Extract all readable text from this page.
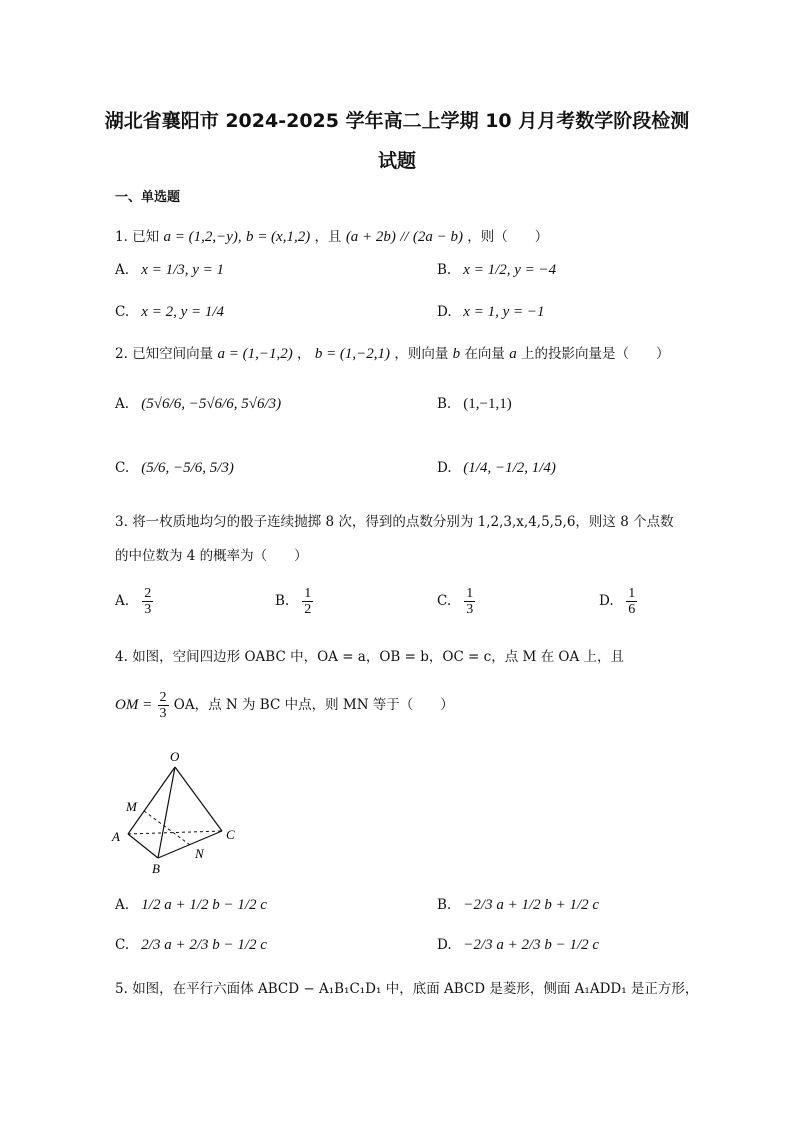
湖北省襄阳市 2024-2025 学年高二上学期 10 月月考数学阶段检测
试题
一、单选题
1. 已知 a = (1,2,−y), b = (x,1,2) ，且 (a + 2b) // (2a − b) ，则（　　）
A. x = 1/3, y = 1	B. x = 1/2, y = −4
C. x = 2, y = 1/4	D. x = 1, y = −1
2. 已知空间向量 a = (1,−1,2) ， b = (1,−2,1) ，则向量 b 在向量 a 上的投影向量是（　　）
A. (5√6/6, −5√6/6, 5√6/3)	B. (1,−1,1)
C. (5/6, −5/6, 5/3)	D. (1/4, −1/2, 1/4)
3. 将一枚质地均匀的骰子连续抛掷 8 次，得到的点数分别为 1,2,3,x,4,5,5,6，则这 8 个点数
的中位数为 4 的概率为（　　）
A. $\frac{2}{3}$	B. $\frac{1}{2}$	C. $\frac{1}{3}$	D. $\frac{1}{6}$
4. 如图，空间四边形 OABC 中，OA = a，OB = b，OC = c，点 M 在 OA 上，且
OM = $\frac{2}{3}$ OA，点 N 为 BC 中点，则 MN 等于（　　）
O
M
A
B
C
N
A. 1/2 a + 1/2 b − 1/2 c	B. −2/3 a + 1/2 b + 1/2 c
C. 2/3 a + 2/3 b − 1/2 c	D. −2/3 a + 2/3 b − 1/2 c
5. 如图，在平行六面体 ABCD − A₁B₁C₁D₁ 中，底面 ABCD 是菱形，侧面 A₁ADD₁ 是正方形，
